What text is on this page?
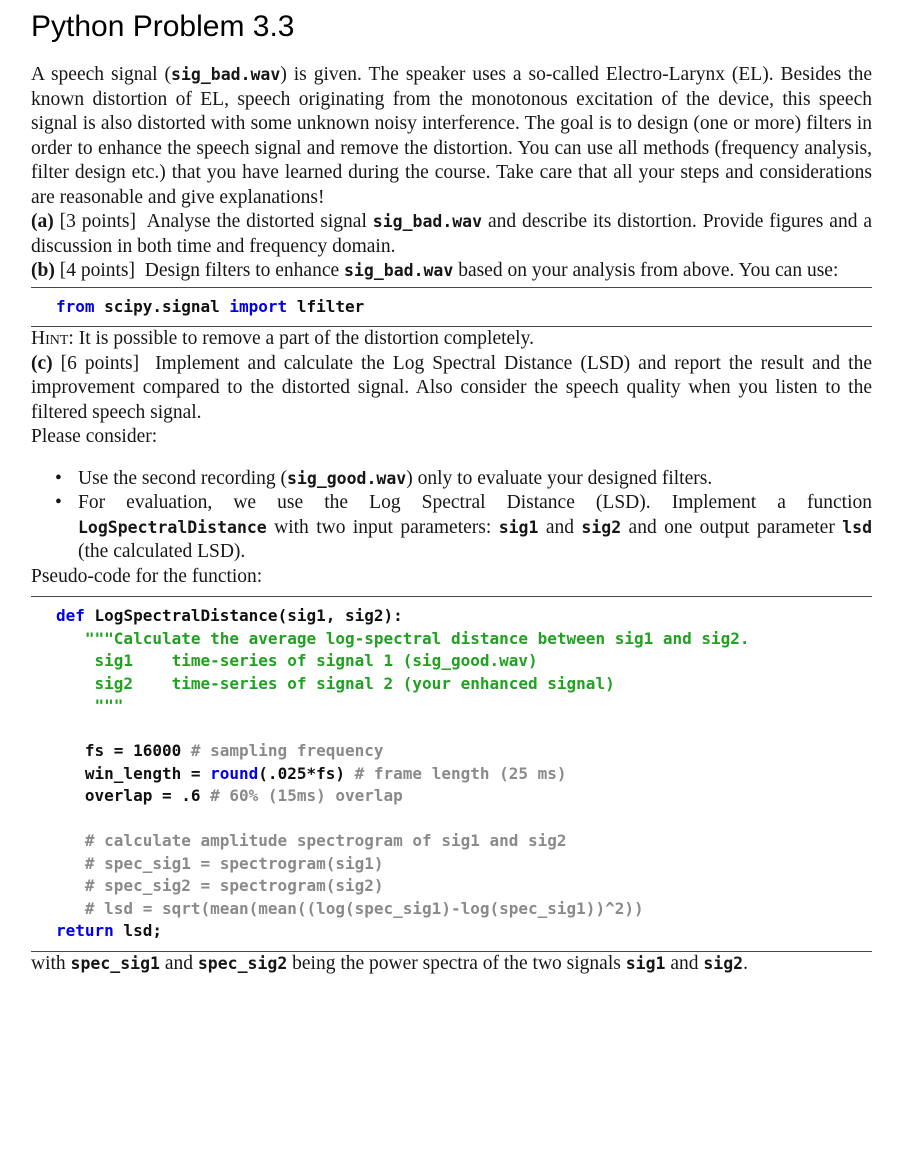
Python Problem 3.3

A speech signal (sig_bad.wav) is given. The speaker uses a so-called Electro-Larynx (EL). Besides the known distortion of EL, speech originating from the monotonous excitation of the device, this speech signal is also distorted with some unknown noisy interference. The goal is to design (one or more) filters in order to enhance the speech signal and remove the distortion. You can use all methods (frequency analysis, filter design etc.) that you have learned during the course. Take care that all your steps and considerations are reasonable and give explanations!

(a) [3 points]  Analyse the distorted signal sig_bad.wav and describe its distortion. Provide figures and a discussion in both time and frequency domain.

(b) [4 points]  Design filters to enhance sig_bad.wav based on your analysis from above. You can use:

from scipy.signal import lfilter

Hint: It is possible to remove a part of the distortion completely.

(c) [6 points]  Implement and calculate the Log Spectral Distance (LSD) and report the result and the improvement compared to the distorted signal. Also consider the speech quality when you listen to the filtered speech signal.

Please consider:

• Use the second recording (sig_good.wav) only to evaluate your designed filters.
• For evaluation, we use the Log Spectral Distance (LSD). Implement a function LogSpectralDistance with two input parameters: sig1 and sig2 and one output parameter lsd (the calculated LSD).

Pseudo-code for the function:

def LogSpectralDistance(sig1, sig2):
"""Calculate the average log-spectral distance between sig1 and sig2.
sig1    time-series of signal 1 (sig_good.wav)
sig2    time-series of signal 2 (your enhanced signal)
"""

fs = 16000 # sampling frequency
win_length = round(.025*fs) # frame length (25 ms)
overlap = .6 # 60% (15ms) overlap

# calculate amplitude spectrogram of sig1 and sig2
# spec_sig1 = spectrogram(sig1)
# spec_sig2 = spectrogram(sig2)
# lsd = sqrt(mean(mean((log(spec_sig1)-log(spec_sig1))^2))
return lsd;

with spec_sig1 and spec_sig2 being the power spectra of the two signals sig1 and sig2.
